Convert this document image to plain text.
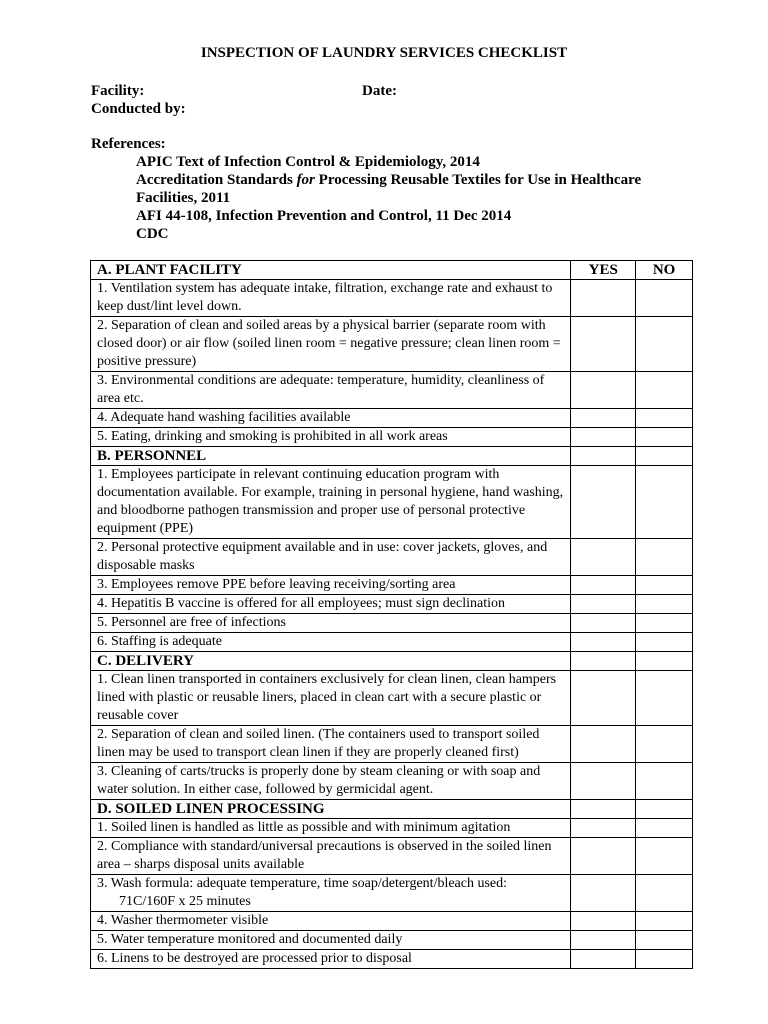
INSPECTION OF LAUNDRY SERVICES CHECKLIST
Facility:	Date:
Conducted by:
References:
APIC Text of Infection Control & Epidemiology, 2014
Accreditation Standards for Processing Reusable Textiles for Use in Healthcare Facilities, 2011
AFI 44-108, Infection Prevention and Control, 11 Dec 2014
CDC
A. PLANT FACILITY	YES	NO
1. Ventilation system has adequate intake, filtration, exchange rate and exhaust to keep dust/lint level down.		
2. Separation of clean and soiled areas by a physical barrier (separate room with closed door) or air flow (soiled linen room = negative pressure; clean linen room = positive pressure)		
3. Environmental conditions are adequate: temperature, humidity, cleanliness of area etc.		
4. Adequate hand washing facilities available		
5. Eating, drinking and smoking is prohibited in all work areas		
B. PERSONNEL		
1. Employees participate in relevant continuing education program with documentation available. For example, training in personal hygiene, hand washing, and bloodborne pathogen transmission and proper use of personal protective equipment (PPE)		
2. Personal protective equipment available and in use: cover jackets, gloves, and disposable masks		
3. Employees remove PPE before leaving receiving/sorting area		
4. Hepatitis B vaccine is offered for all employees; must sign declination		
5. Personnel are free of infections		
6. Staffing is adequate		
C. DELIVERY		
1. Clean linen transported in containers exclusively for clean linen, clean hampers lined with plastic or reusable liners, placed in clean cart with a secure plastic or reusable cover		
2. Separation of clean and soiled linen. (The containers used to transport soiled linen may be used to transport clean linen if they are properly cleaned first)		
3. Cleaning of carts/trucks is properly done by steam cleaning or with soap and water solution. In either case, followed by germicidal agent.		
D. SOILED LINEN PROCESSING		
1. Soiled linen is handled as little as possible and with minimum agitation		
2. Compliance with standard/universal precautions is observed in the soiled linen area – sharps disposal units available		
3. Wash formula: adequate temperature, time soap/detergent/bleach used:
71C/160F x 25 minutes		

4. Washer thermometer visible		
5. Water temperature monitored and documented daily		
6. Linens to be destroyed are processed prior to disposal		
